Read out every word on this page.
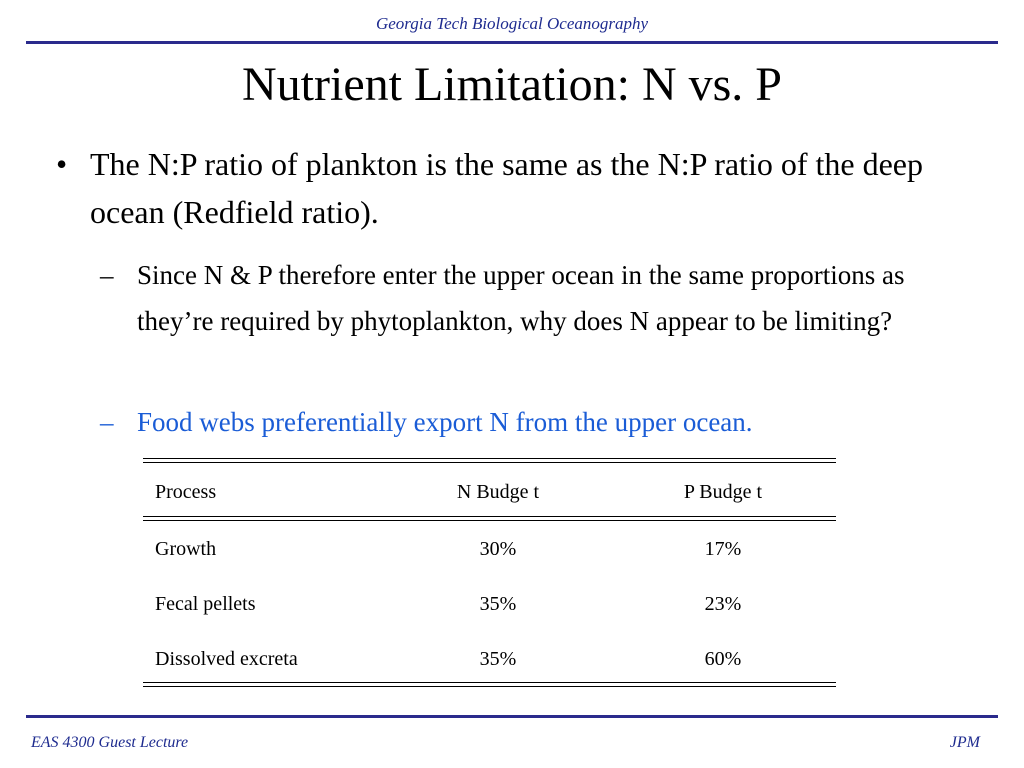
Georgia Tech Biological Oceanography
Nutrient Limitation: N vs. P
• The N:P ratio of plankton is the same as the N:P ratio of the deep ocean (Redfield ratio).
– Since N & P therefore enter the upper ocean in the same proportions as they’re required by phytoplankton, why does N appear to be limiting?
– Food webs preferentially export N from the upper ocean.
Process	N Budge t	P Budge t
Growth	30%	17%
Fecal pellets	35%	23%
Dissolved excreta	35%	60%
EAS 4300 Guest Lecture	JPM
